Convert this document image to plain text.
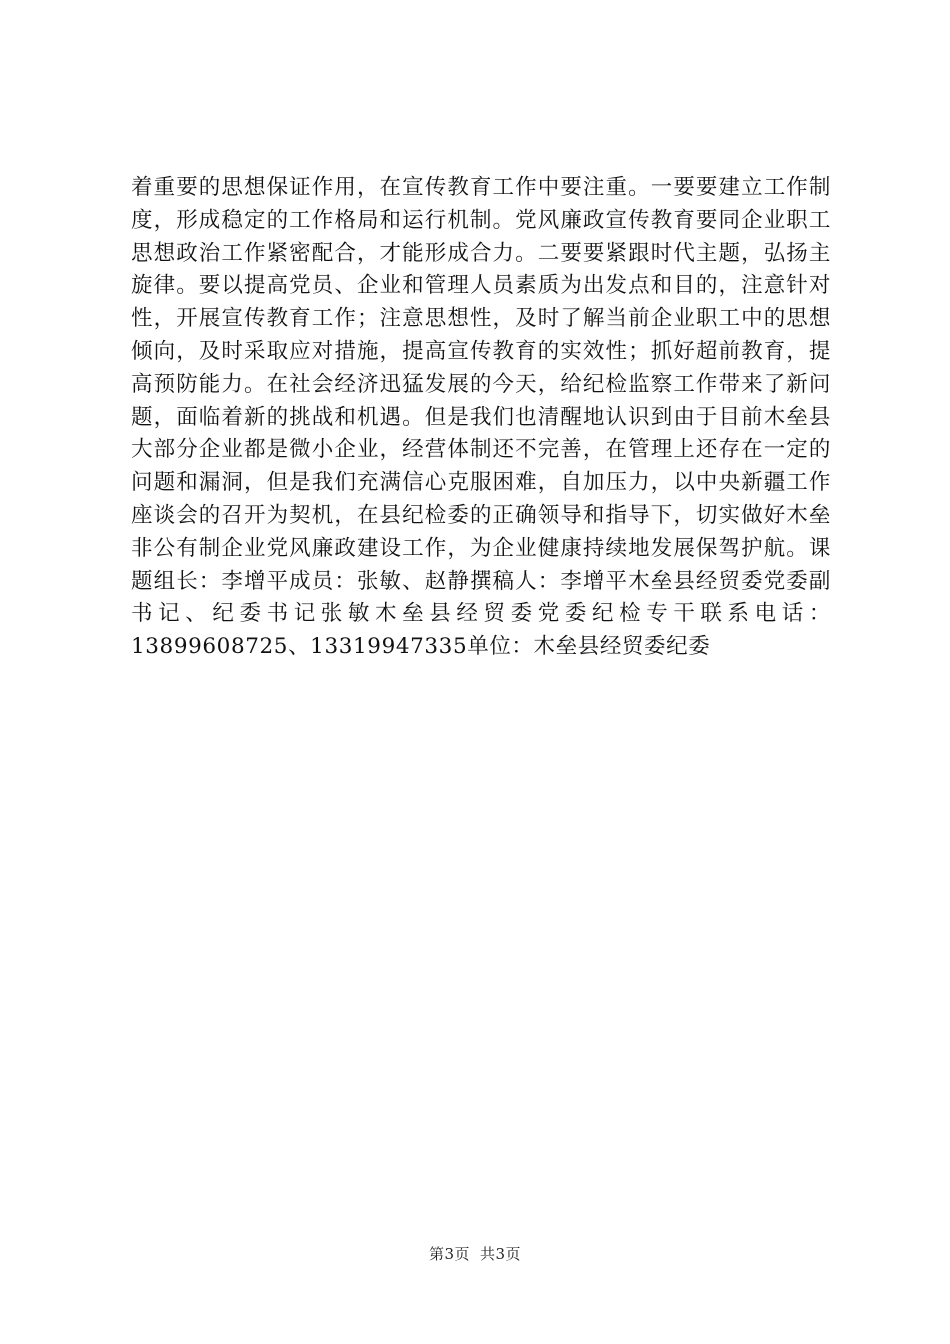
着重要的思想保证作用，在宣传教育工作中要注重。一要要建立工作制度，形成稳定的工作格局和运行机制。党风廉政宣传教育要同企业职工思想政治工作紧密配合，才能形成合力。二要要紧跟时代主题，弘扬主旋律。要以提高党员、企业和管理人员素质为出发点和目的，注意针对性，开展宣传教育工作；注意思想性，及时了解当前企业职工中的思想倾向，及时采取应对措施，提高宣传教育的实效性；抓好超前教育，提高预防能力。在社会经济迅猛发展的今天，给纪检监察工作带来了新问题，面临着新的挑战和机遇。但是我们也清醒地认识到由于目前木垒县大部分企业都是微小企业，经营体制还不完善，在管理上还存在一定的问题和漏洞，但是我们充满信心克服困难，自加压力，以中央新疆工作座谈会的召开为契机，在县纪检委的正确领导和指导下，切实做好木垒非公有制企业党风廉政建设工作，为企业健康持续地发展保驾护航。课题组长：李增平成员：张敏、赵静撰稿人：李增平木垒县经贸委党委副书记、纪委书记张敏木垒县经贸委党委纪检专干联系电话：13899608725、13319947335单位：木垒县经贸委纪委

第3页 共3页
